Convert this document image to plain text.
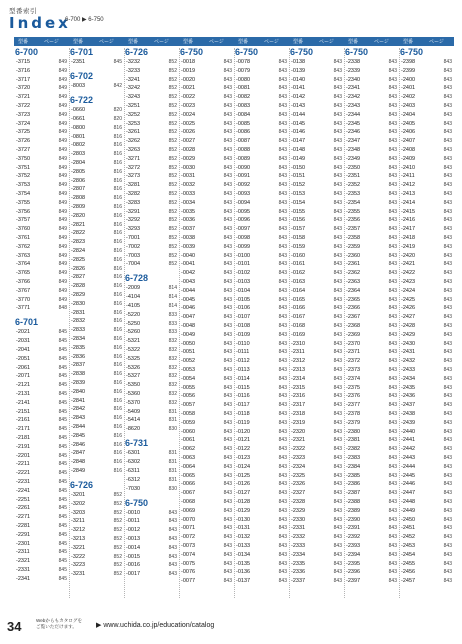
型番索引
Index
6-700 ▶ 6-750
型番	ページ	型番	ページ	型番	ページ	型番	ページ	型番	ページ	型番	ページ	型番	ページ	型番	ページ
6-700
-3715	849
-3716	849
-3717	849
-3720	849
-3721	849
-3722	849
-3723	849
-3724	849
-3725	849
-3726	849
-3727	849
-3750	849
-3751	849
-3752	849
-3753	849
-3754	849
-3755	849
-3756	849
-3757	849
-3760	849
-3761	849
-3762	849
-3763	849
-3764	849
-3765	849
-3766	849
-3767	849
-3770	849
-3771	848
6-701
-2021	845
-2031	845
-2041	845
-2051	845
-2061	845
-2071	845
-2121	845
-2131	845
-2141	845
-2151	845
-2161	845
-2171	845
-2181	845
-2191	845
-2201	845
-2211	845
-2221	845
-2231	845
-2241	845
-2251	845
-2261	845
-2271	845
-2281	845
-2291	845
-2301	845
-2311	845
-2321	845
-2331	845
-2341	845
6-701
-2351	845
6-702
-8003	842
6-722
-0660	820
-0661	820
-0800	816
-0801	816
-0802	816
-2803	816
-2804	816
-2805	816
-2806	816
-2807	816
-2808	816
-2809	816
-2820	816
-2821	816
-2822	816
-2823	816
-2824	816
-2825	816
-2826	816
-2827	816
-2828	816
-2829	816
-2830	816
-2831	816
-2832	816
-2833	816
-2834	816
-2835	816
-2836	816
-2837	816
-2838	816
-2839	816
-2840	816
-2841	816
-2842	816
-2843	816
-2844	816
-2845	816
-2846	816
-2847	816
-2848	816
-2849	816
6-726
-3201	852
-3202	852
-3203	852
-3211	852
-3212	852
-3213	852
-3221	852
-3222	852
-3223	852
-3231	852
6-726
-3232	852
-3233	852
-3241	852
-3242	852
-3243	852
-3251	852
-3252	852
-3253	852
-3261	852
-3262	852
-3263	852
-3271	852
-3272	852
-3273	852
-3281	852
-3282	852
-3283	852
-3291	852
-3292	852
-3293	852
-7001	852
-7002	852
-7003	852
-7004	852
6-728
-2009	814
-4104	814
-4105	814
-5220	833
-5250	833
-5260	833
-5321	832
-5322	832
-5325	832
-5326	832
-5327	832
-5350	832
-5360	832
-5370	832
-5409	831
-5414	831
-8620	830
6-731
-6301	831
-6302	831
-6311	831
-6312	831
-7030	830
6-750
-0010	843
-0011	843
-0012	843
-0013	843
-0014	843
-0015	843
-0016	843
-0017	843
6-750
-0018	843
-0019	843
-0020	843
-0021	843
-0022	843
-0023	843
-0024	843
-0025	843
-0026	843
-0027	843
-0028	843
-0029	843
-0030	843
-0031	843
-0032	843
-0033	843
-0034	843
-0035	843
-0036	843
-0037	843
-0038	843
-0039	843
-0040	843
-0041	843
-0042	843
-0043	843
-0044	843
-0045	843
-0046	843
-0047	843
-0048	843
-0049	843
-0050	843
-0051	843
-0052	843
-0053	843
-0054	843
-0055	843
-0056	843
-0057	843
-0058	843
-0059	843
-0060	843
-0061	843
-0062	843
-0063	843
-0064	843
-0065	843
-0066	843
-0067	843
-0068	843
-0069	843
-0070	843
-0071	843
-0072	843
-0073	843
-0074	843
-0075	843
-0076	843
-0077	843
6-750
-0078	843
-0079	843
-0080	843
-0081	843
-0082	843
-0083	843
-0084	843
-0085	843
-0086	843
-0087	843
-0088	843
-0089	843
-0090	843
-0091	843
-0092	843
-0093	843
-0094	843
-0095	843
-0096	843
-0097	843
-0098	843
-0099	843
-0100	843
-0101	843
-0102	843
-0103	843
-0104	843
-0105	843
-0106	843
-0107	843
-0108	843
-0109	843
-0110	843
-0111	843
-0112	843
-0113	843
-0114	843
-0115	843
-0116	843
-0117	843
-0118	843
-0119	843
-0120	843
-0121	843
-0122	843
-0123	843
-0124	843
-0125	843
-0126	843
-0127	843
-0128	843
-0129	843
-0130	843
-0131	843
-0132	843
-0133	843
-0134	843
-0135	843
-0136	843
-0137	843
6-750
-0138	843
-0139	843
-0140	843
-0141	843
-0142	843
-0143	843
-0144	843
-0145	843
-0146	843
-0147	843
-0148	843
-0149	843
-0150	843
-0151	843
-0152	843
-0153	843
-0154	843
-0155	843
-0156	843
-0157	843
-0158	843
-0159	843
-0160	843
-0161	843
-0162	843
-0163	843
-0164	843
-0165	843
-0166	843
-0167	843
-0168	843
-0169	843
-2310	843
-2311	843
-2312	843
-2313	843
-2314	843
-2315	843
-2316	843
-2317	843
-2318	843
-2319	843
-2320	843
-2321	843
-2322	843
-2323	843
-2324	843
-2325	843
-2326	843
-2327	843
-2328	843
-2329	843
-2330	843
-2331	843
-2332	843
-2333	843
-2334	843
-2335	843
-2336	843
-2337	843
6-750
-2338	843
-2339	843
-2340	843
-2341	843
-2342	843
-2343	843
-2344	843
-2345	843
-2346	843
-2347	843
-2348	843
-2349	843
-2350	843
-2351	843
-2352	843
-2353	843
-2354	843
-2355	843
-2356	843
-2357	843
-2358	843
-2359	843
-2360	843
-2361	843
-2362	843
-2363	843
-2364	843
-2365	843
-2366	843
-2367	843
-2368	843
-2369	843
-2370	843
-2371	843
-2372	843
-2373	843
-2374	843
-2375	843
-2376	843
-2377	843
-2378	843
-2379	843
-2380	843
-2381	843
-2382	843
-2383	843
-2384	843
-2385	843
-2386	843
-2387	843
-2388	843
-2389	843
-2390	843
-2391	843
-2392	843
-2393	843
-2394	843
-2395	843
-2396	843
-2397	843
6-750
-2398	843
-2399	843
-2400	843
-2401	843
-2402	843
-2403	843
-2404	843
-2405	843
-2406	843
-2407	843
-2408	843
-2409	843
-2410	843
-2411	843
-2412	843
-2413	843
-2414	843
-2415	843
-2416	843
-2417	843
-2418	843
-2419	843
-2420	843
-2421	843
-2422	843
-2423	843
-2424	843
-2425	843
-2426	843
-2427	843
-2428	843
-2429	843
-2430	843
-2431	843
-2432	843
-2433	843
-2434	843
-2435	843
-2436	843
-2437	843
-2438	843
-2439	843
-2440	843
-2441	843
-2442	843
-2443	843
-2444	843
-2445	843
-2446	843
-2447	843
-2448	843
-2449	843
-2450	843
-2451	843
-2452	843
-2453	843
-2454	843
-2455	843
-2456	843
-2457	843
34	Webからもカタログを
ご覧いただけます。	▶ www.uchida.co.jp/education/catalog
